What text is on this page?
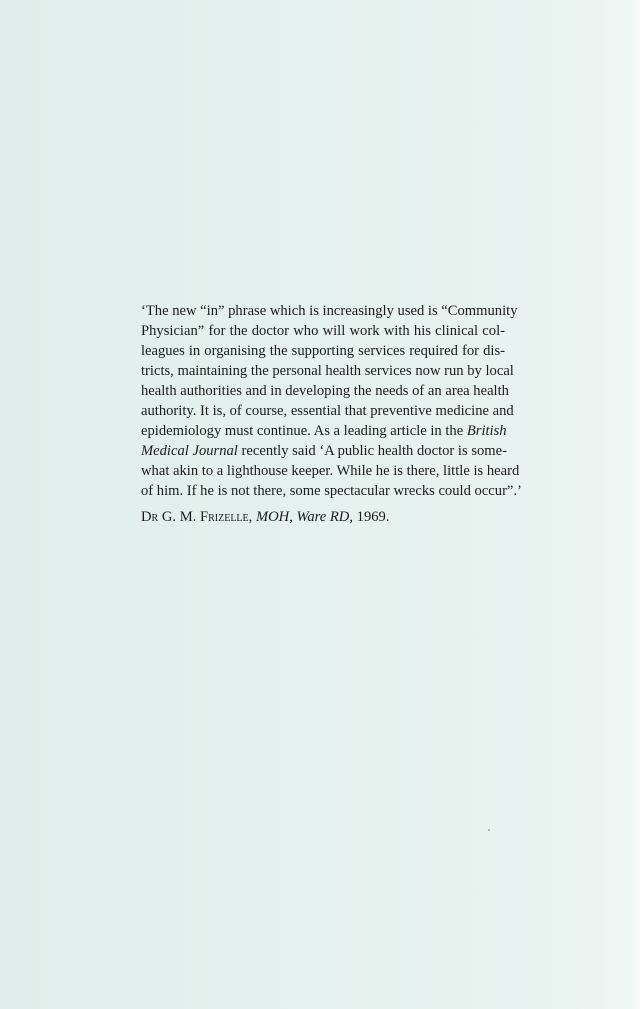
‘The new “in” phrase which is increasingly used is “Community
Physician” for the doctor who will work with his clinical col-
leagues in organising the supporting services required for dis-
tricts, maintaining the personal health services now run by local
health authorities and in developing the needs of an area health
authority. It is, of course, essential that preventive medicine and
epidemiology must continue. As a leading article in the British
Medical Journal recently said ‘A public health doctor is some-
what akin to a lighthouse keeper. While he is there, little is heard
of him. If he is not there, some spectacular wrecks could occur”.’
Dr G. M. Frizelle, MOH, Ware RD, 1969.
